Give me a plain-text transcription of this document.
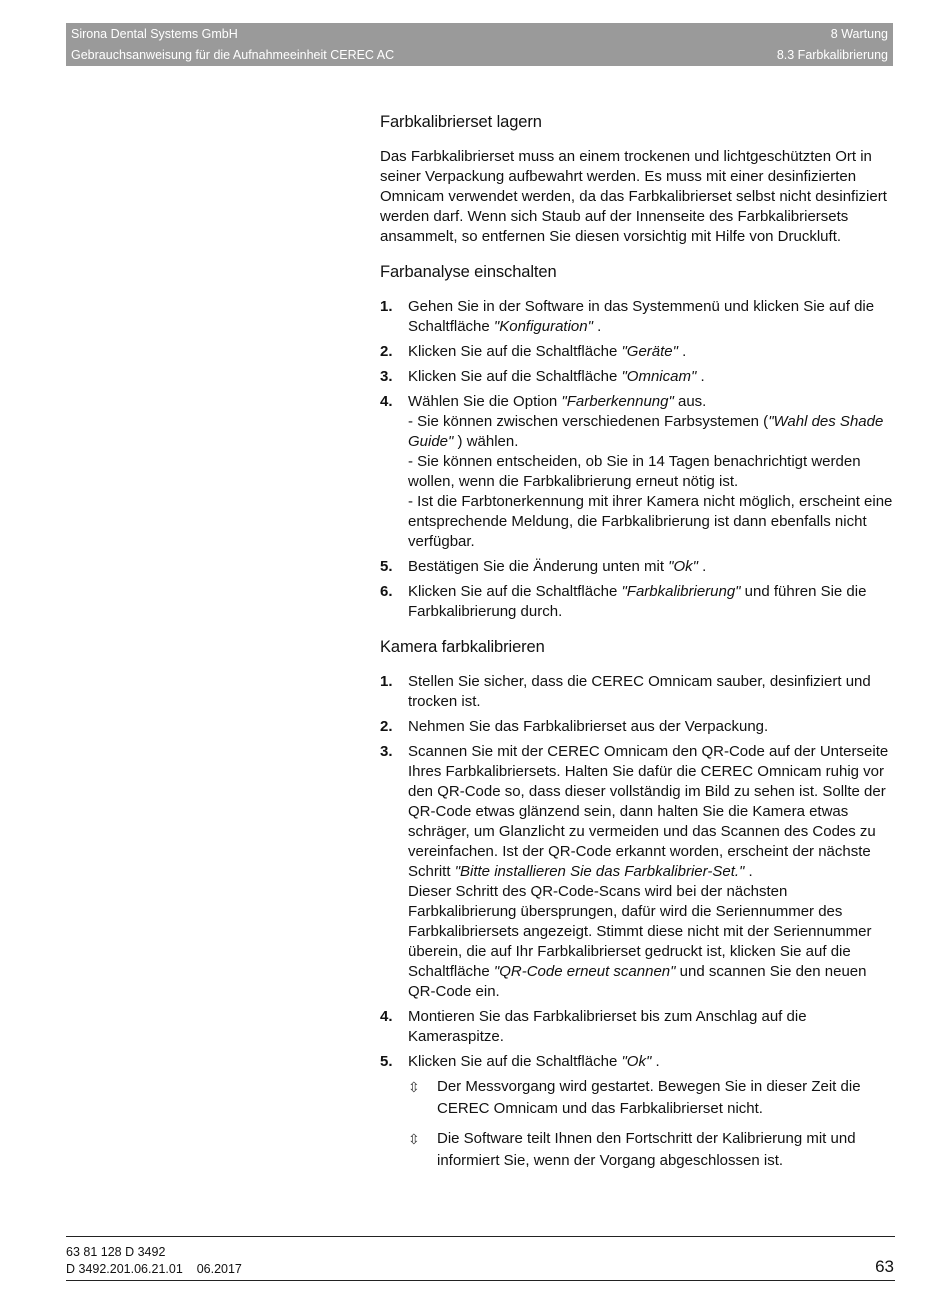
Sirona Dental Systems GmbH	8 Wartung
Gebrauchsanweisung für die Aufnahmeeinheit CEREC AC	8.3 Farbkalibrierung
Farbkalibrierset lagern

Das Farbkalibrierset muss an einem trockenen und lichtgeschützten Ort in seiner Verpackung aufbewahrt werden. Es muss mit einer desinfizierten Omnicam verwendet werden, da das Farbkalibrierset selbst nicht desinfiziert werden darf. Wenn sich Staub auf der Innenseite des Farbkalibriersets ansammelt, so entfernen Sie diesen vorsichtig mit Hilfe von Druckluft.

Farbanalyse einschalten
1. Gehen Sie in der Software in das Systemmenü und klicken Sie auf die Schaltfläche "Konfiguration" .
2. Klicken Sie auf die Schaltfläche "Geräte" .
3. Klicken Sie auf die Schaltfläche "Omnicam" .
4. Wählen Sie die Option "Farberkennung" aus.
- Sie können zwischen verschiedenen Farbsystemen ("Wahl des Shade Guide" ) wählen.
- Sie können entscheiden, ob Sie in 14 Tagen benachrichtigt werden wollen, wenn die Farbkalibrierung erneut nötig ist.
- Ist die Farbtonerkennung mit ihrer Kamera nicht möglich, erscheint eine entsprechende Meldung, die Farbkalibrierung ist dann ebenfalls nicht verfügbar.
5. Bestätigen Sie die Änderung unten mit "Ok" .
6. Klicken Sie auf die Schaltfläche "Farbkalibrierung" und führen Sie die Farbkalibrierung durch.
Kamera farbkalibrieren
1. Stellen Sie sicher, dass die CEREC Omnicam sauber, desinfiziert und trocken ist.
2. Nehmen Sie das Farbkalibrierset aus der Verpackung.
3. Scannen Sie mit der CEREC Omnicam den QR-Code auf der Unterseite Ihres Farbkalibriersets. Halten Sie dafür die CEREC Omnicam ruhig vor den QR-Code so, dass dieser vollständig im Bild zu sehen ist. Sollte der QR-Code etwas glänzend sein, dann halten Sie die Kamera etwas schräger, um Glanzlicht zu vermeiden und das Scannen des Codes zu vereinfachen. Ist der QR-Code erkannt worden, erscheint der nächste Schritt "Bitte installieren Sie das Farbkalibrier-Set." .
Dieser Schritt des QR-Code-Scans wird bei der nächsten Farbkalibrierung übersprungen, dafür wird die Seriennummer des Farbkalibriersets angezeigt. Stimmt diese nicht mit der Seriennummer überein, die auf Ihr Farbkalibrierset gedruckt ist, klicken Sie auf die Schaltfläche "QR-Code erneut scannen" und scannen Sie den neuen QR-Code ein.
4. Montieren Sie das Farbkalibrierset bis zum Anschlag auf die Kameraspitze.
5. Klicken Sie auf die Schaltfläche "Ok" .
⇳ Der Messvorgang wird gestartet. Bewegen Sie in dieser Zeit die CEREC Omnicam und das Farbkalibrierset nicht.
⇳ Die Software teilt Ihnen den Fortschritt der Kalibrierung mit und informiert Sie, wenn der Vorgang abgeschlossen ist.
63 81 128 D 3492
D 3492.201.06.21.01 06.2017	63
